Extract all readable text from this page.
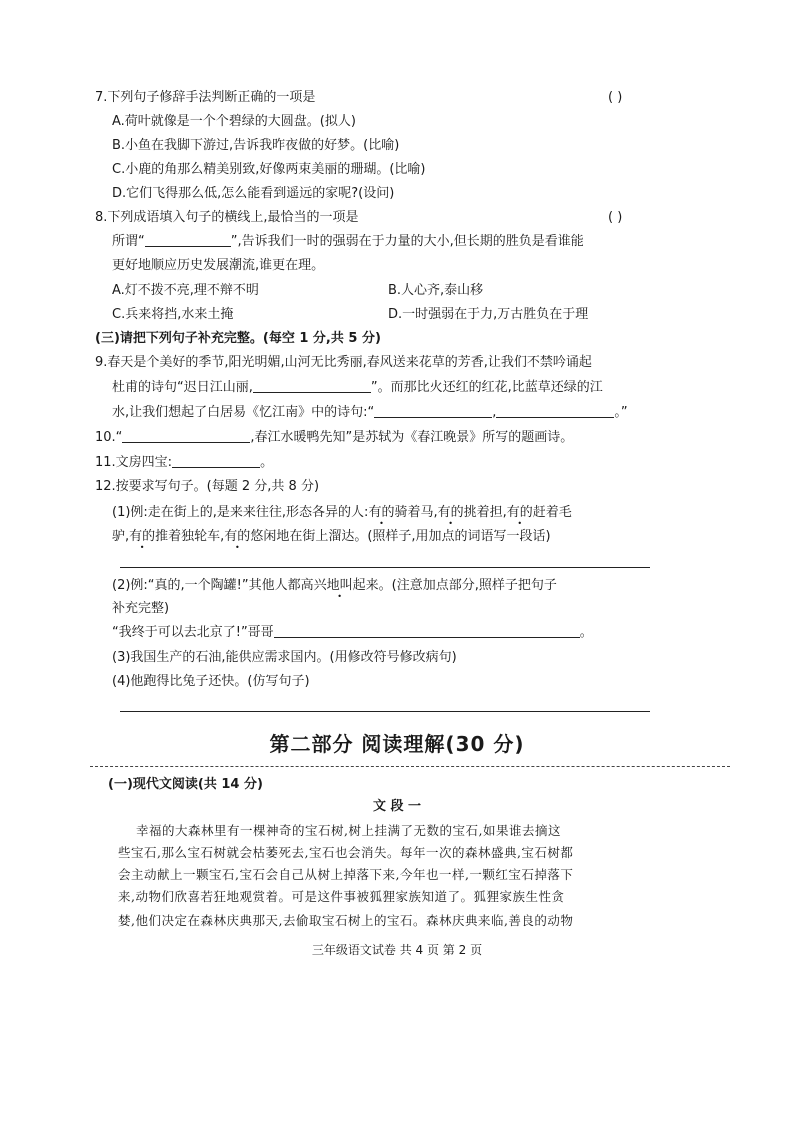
7.下列句子修辞手法判断正确的一项是	( )
A.荷叶就像是一个个碧绿的大圆盘。(拟人)
B.小鱼在我脚下游过,告诉我昨夜做的好梦。(比喻)
C.小鹿的角那么精美别致,好像两束美丽的珊瑚。(比喻)
D.它们飞得那么低,怎么能看到遥远的家呢?(设问)
8.下列成语填入句子的横线上,最恰当的一项是	( )
所谓“	”,告诉我们一时的强弱在于力量的大小,但长期的胜负是看谁能
更好地顺应历史发展潮流,谁更在理。
A.灯不拨不亮,理不辩不明	B.人心齐,泰山移
C.兵来将挡,水来土掩	D.一时强弱在于力,万古胜负在于理
(三)请把下列句子补充完整。(每空 1 分,共 5 分)
9.春天是个美好的季节,阳光明媚,山河无比秀丽,春风送来花草的芳香,让我们不禁吟诵起
杜甫的诗句“迟日江山丽,	”。而那比火还红的红花,比蓝草还绿的江
水,让我们想起了白居易《忆江南》中的诗句:“	,	。”
10.“	,春江水暖鸭先知”是苏轼为《春江晚景》所写的题画诗。
11.文房四宝:	。
12.按要求写句子。(每题 2 分,共 8 分)
(1)例:走在街上的,是来来往往,形态各异的人:有的骑着马,有的挑着担,有的赶着毛
驴,有的推着独轮车,有的悠闲地在街上溜达。(照样子,用加点的词语写一段话)
(2)例:“真的,一个陶罐!”其他人都高兴地叫起来 •。(注意加点部分,照样子把句子
补充完整)
“我终于可以去北京了!”哥哥	。
(3)我国生产的石油,能供应需求国内。(用修改符号修改病句)
(4)他跑得比兔子还快。(仿写句子)
第二部分 阅读理解(30 分)
(一)现代文阅读(共 14 分)
文 段 一
幸福的大森林里有一棵神奇的宝石树,树上挂满了无数的宝石,如果谁去摘这
些宝石,那么宝石树就会枯萎死去,宝石也会消失。每年一次的森林盛典,宝石树都
会主动献上一颗宝石,宝石会自己从树上掉落下来,今年也一样,一颗红宝石掉落下
来,动物们欣喜若狂地观赏着。可是这件事被狐狸家族知道了。狐狸家族生性贪
婪,他们决定在森林庆典那天,去偷取宝石树上的宝石。森林庆典来临,善良的动物
三年级语文试卷 共 4 页 第 2 页
